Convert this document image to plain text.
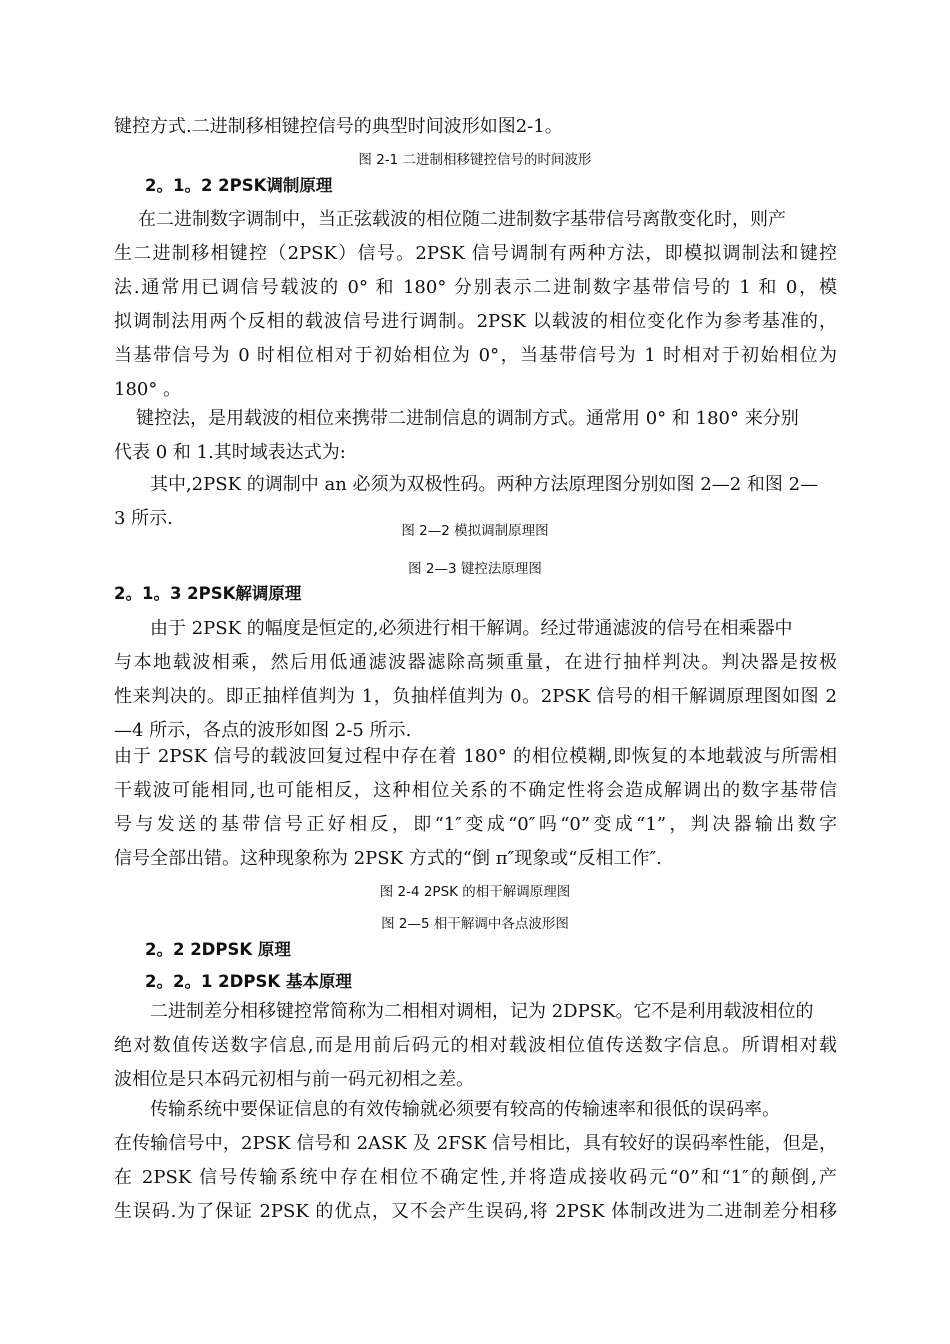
键控方式.二进制移相键控信号的典型时间波形如图2-1。

图 2-1 二进制相移键控信号的时间波形

2。1。2 2PSK调制原理

在二进制数字调制中，当正弦载波的相位随二进制数字基带信号离散变化时，则产
生二进制移相键控（2PSK）信号。2PSK 信号调制有两种方法，即模拟调制法和键控
法.通常用已调信号载波的 0° 和 180° 分别表示二进制数字基带信号的 1 和 0，模
拟调制法用两个反相的载波信号进行调制。2PSK 以载波的相位变化作为参考基准的，
当基带信号为 0 时相位相对于初始相位为 0°，当基带信号为 1 时相对于初始相位为
180° 。
键控法，是用载波的相位来携带二进制信息的调制方式。通常用 0° 和 180° 来分别
代表 0 和 1.其时域表达式为:
其中,2PSK 的调制中 an 必须为双极性码。两种方法原理图分别如图 2—2 和图 2—
3 所示.

图 2—2 模拟调制原理图

图 2—3 键控法原理图

2。1。3 2PSK解调原理

由于 2PSK 的幅度是恒定的,必须进行相干解调。经过带通滤波的信号在相乘器中
与本地载波相乘，然后用低通滤波器滤除高频重量，在进行抽样判决。判决器是按极
性来判决的。即正抽样值判为 1，负抽样值判为 0。2PSK 信号的相干解调原理图如图 2
—4 所示，各点的波形如图 2-5 所示.
由于 2PSK 信号的载波回复过程中存在着 180° 的相位模糊,即恢复的本地载波与所需相
干载波可能相同,也可能相反，这种相位关系的不确定性将会造成解调出的数字基带信
号与发送的基带信号正好相反，即“1″变成“0″吗“0”变成“1”，判决器输出数字
信号全部出错。这种现象称为 2PSK 方式的“倒 π″现象或“反相工作″.

图 2-4 2PSK 的相干解调原理图

图 2—5 相干解调中各点波形图

2。2 2DPSK 原理

2。2。1 2DPSK 基本原理

二进制差分相移键控常简称为二相相对调相，记为 2DPSK。它不是利用载波相位的
绝对数值传送数字信息,而是用前后码元的相对载波相位值传送数字信息。所谓相对载
波相位是只本码元初相与前一码元初相之差。
传输系统中要保证信息的有效传输就必须要有较高的传输速率和很低的误码率。
在传输信号中，2PSK 信号和 2ASK 及 2FSK 信号相比，具有较好的误码率性能，但是，
在 2PSK 信号传输系统中存在相位不确定性,并将造成接收码元“0”和“1″的颠倒,产
生误码.为了保证 2PSK 的优点，又不会产生误码,将 2PSK 体制改进为二进制差分相移
